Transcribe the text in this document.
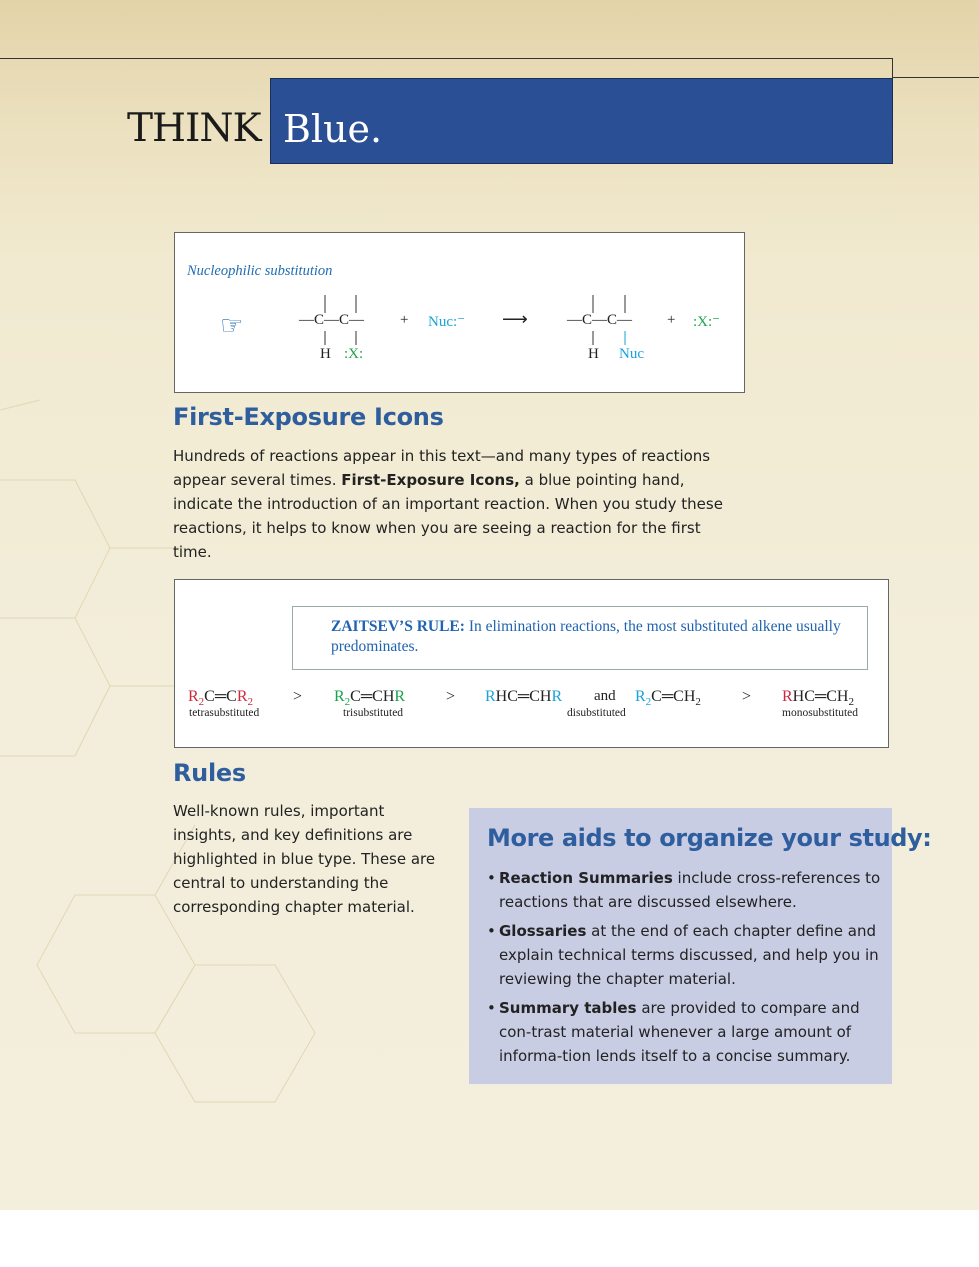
THINK Blue.
Nucleophilic substitution
☞	—C—C—
H :X:
+ Nuc:⁻ ⟶	—C—C—
H Nuc
+ :X:⁻
First-Exposure Icons
Hundreds of reactions appear in this text—and many types of reactions appear several times. First-Exposure Icons, a blue pointing hand, indicate the introduction of an important reaction. When you study these reactions, it helps to know when you are seeing a reaction for the first time.
ZAITSEV’S RULE: In elimination reactions, the most substituted alkene usually predominates.
$R_2C═CR_2$ > $R_2C═CHR$	> RHC═CHR and $R_2C═CH_2$	> $RHC═CH_2$
tetrasubstituted	trisubstituted	disubstituted	monosubstituted
Rules
Well-known rules, important insights, and key definitions are highlighted in blue type. These are central to understanding the corresponding chapter material.
More aids to organize your study:
• Reaction Summaries include cross-references to reactions that are discussed elsewhere.
• Glossaries at the end of each chapter define and explain technical terms discussed, and help you in reviewing the chapter material.
• Summary tables are provided to compare and con-trast material whenever a large amount of informa-tion lends itself to a concise summary.
